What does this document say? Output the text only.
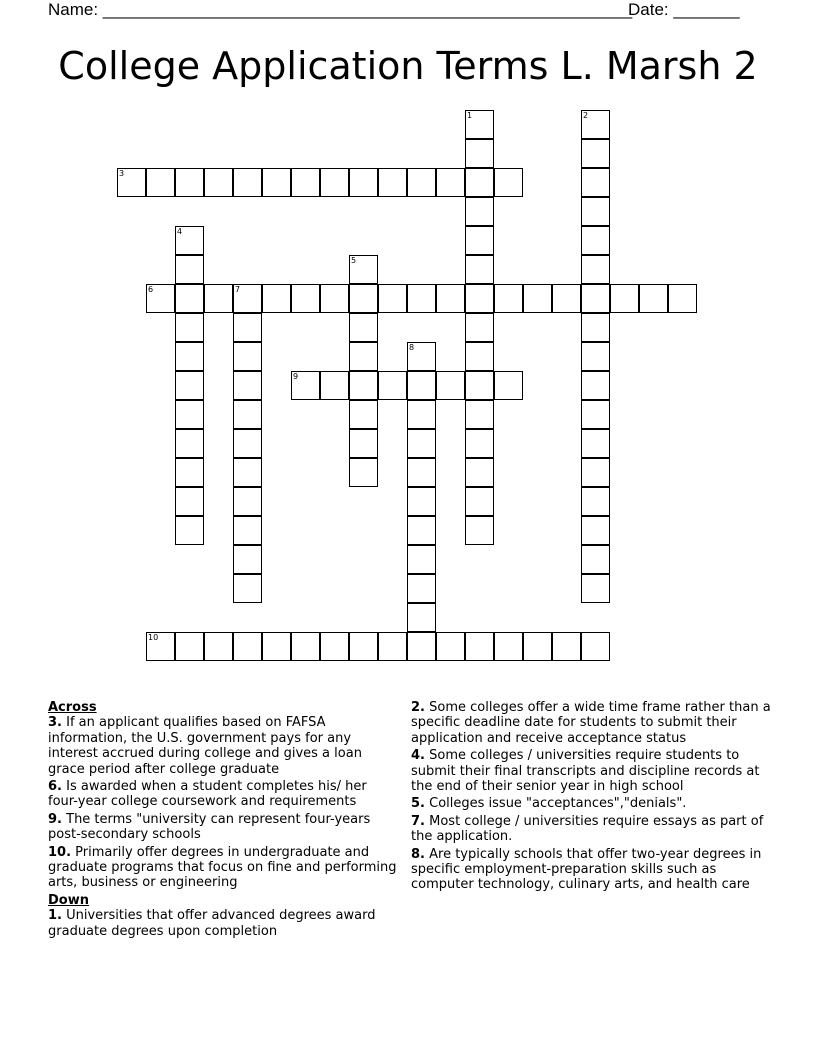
Name: ________________________________________________________
Date: _______
College Application Terms L. Marsh 2
1	2
3
4
5
6	7
8
9
10
Across
3. If an applicant qualifies based on FAFSA information, the U.S. government pays for any interest accrued during college and gives a loan grace period after college graduate
6. Is awarded when a student completes his/ her four-year college coursework and requirements
9. The terms "university can represent four-years post-secondary schools
10. Primarily offer degrees in undergraduate and graduate programs that focus on fine and performing arts, business or engineering
Down
1. Universities that offer advanced degrees award graduate degrees upon completion
2. Some colleges offer a wide time frame rather than a specific deadline date for students to submit their application and receive acceptance status
4. Some colleges / universities require students to submit their final transcripts and discipline records at the end of their senior year in high school
5. Colleges issue "acceptances","denials".
7. Most college / universities require essays as part of the application.
8. Are typically schools that offer two-year degrees in specific employment-preparation skills such as computer technology, culinary arts, and health care
